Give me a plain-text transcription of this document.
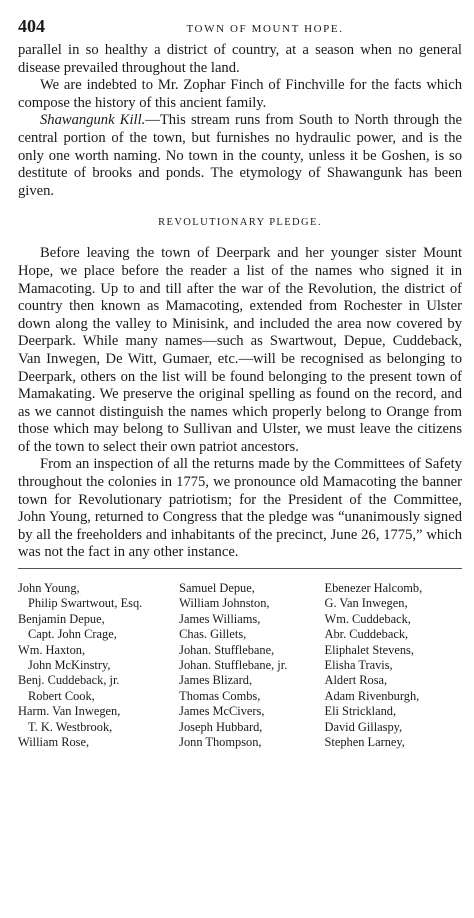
404	TOWN OF MOUNT HOPE.

parallel in so healthy a district of country, at a season when no general disease prevailed throughout the land.

We are indebted to Mr. Zophar Finch of Finchville for the facts which compose the history of this ancient family.

Shawangunk Kill.—This stream runs from South to North through the central portion of the town, but furnishes no hydraulic power, and is the only one worth naming. No town in the county, unless it be Goshen, is so destitute of brooks and ponds. The etymology of Shawangunk has been given.

REVOLUTIONARY PLEDGE.

Before leaving the town of Deerpark and her younger sister Mount Hope, we place before the reader a list of the names who signed it in Mamacoting. Up to and till after the war of the Revolution, the district of country then known as Mamacoting, extended from Rochester in Ulster down along the valley to Minisink, and included the area now covered by Deerpark. While many names—such as Swartwout, Depue, Cuddeback, Van Inwegen, De Witt, Gumaer, etc.—will be recognised as belonging to Deerpark, others on the list will be found belonging to the present town of Mamakating. We preserve the original spelling as found on the record, and as we cannot distinguish the names which properly belong to Orange from those which may belong to Sullivan and Ulster, we must leave the citizens of the town to select their own patriot ancestors.

From an inspection of all the returns made by the Committees of Safety throughout the colonies in 1775, we pronounce old Mamacoting the banner town for Revolutionary patriotism; for the President of the Committee, John Young, returned to Congress that the pledge was “unanimously signed by all the freeholders and inhabitants of the precinct, June 26, 1775,” which was not the fact in any other instance.

John Young,
Philip Swartwout, Esq.
Benjamin Depue,
Capt. John Crage,
Wm. Haxton,
John McKinstry,
Benj. Cuddeback, jr.
Robert Cook,
Harm. Van Inwegen,
T. K. Westbrook,
William Rose,
Samuel Depue,
William Johnston,
James Williams,
Chas. Gillets,
Johan. Stufflebane,
Johan. Stufflebane, jr.
James Blizard,
Thomas Combs,
James McCivers,
Joseph Hubbard,
Jonn Thompson,
Ebenezer Halcomb,
G. Van Inwegen,
Wm. Cuddeback,
Abr. Cuddeback,
Eliphalet Stevens,
Elisha Travis,
Aldert Rosa,
Adam Rivenburgh,
Eli Strickland,
David Gillaspy,
Stephen Larney,
